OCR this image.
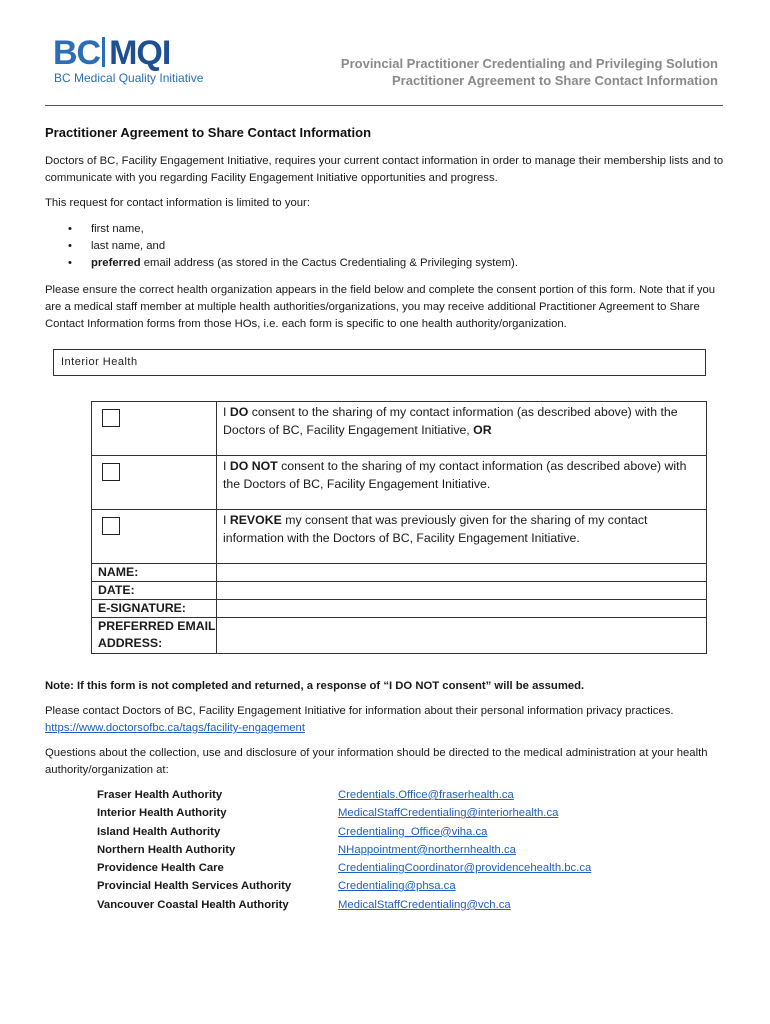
BC MQI
BC Medical Quality Initiative
Provincial Practitioner Credentialing and Privileging Solution
Practitioner Agreement to Share Contact Information
Practitioner Agreement to Share Contact Information

Doctors of BC, Facility Engagement Initiative, requires your current contact information in order to manage their membership lists and to communicate with you regarding Facility Engagement Initiative opportunities and progress.

This request for contact information is limited to your:

• first name,
• last name, and
• preferred email address (as stored in the Cactus Credentialing & Privileging system).

Please ensure the correct health organization appears in the field below and complete the consent portion of this form. Note that if you are a medical staff member at multiple health authorities/organizations, you may receive additional Practitioner Agreement to Share Contact Information forms from those HOs, i.e. each form is specific to one health authority/organization.

Interior Health
	I DO consent to the sharing of my contact information (as described above) with the Doctors of BC, Facility Engagement Initiative, OR

	I DO NOT consent to the sharing of my contact information (as described above) with the Doctors of BC, Facility Engagement Initiative.

	I REVOKE my consent that was previously given for the sharing of my contact information with the Doctors of BC, Facility Engagement Initiative.
NAME:	
DATE:	
E-SIGNATURE:	
PREFERRED EMAIL ADDRESS:	
Note: If this form is not completed and returned, a response of “I DO NOT consent” will be assumed.

Please contact Doctors of BC, Facility Engagement Initiative for information about their personal information privacy practices.
https://www.doctorsofbc.ca/tags/facility-engagement

Questions about the collection, use and disclosure of your information should be directed to the medical administration at your health authority/organization at:

Fraser Health Authority	Credentials.Office@fraserhealth.ca
Interior Health Authority	MedicalStaffCredentialing@interiorhealth.ca
Island Health Authority	Credentialing_Office@viha.ca
Northern Health Authority	NHappointment@northernhealth.ca
Providence Health Care	CredentialingCoordinator@providencehealth.bc.ca
Provincial Health Services Authority	Credentialing@phsa.ca
Vancouver Coastal Health Authority	MedicalStaffCredentialing@vch.ca
